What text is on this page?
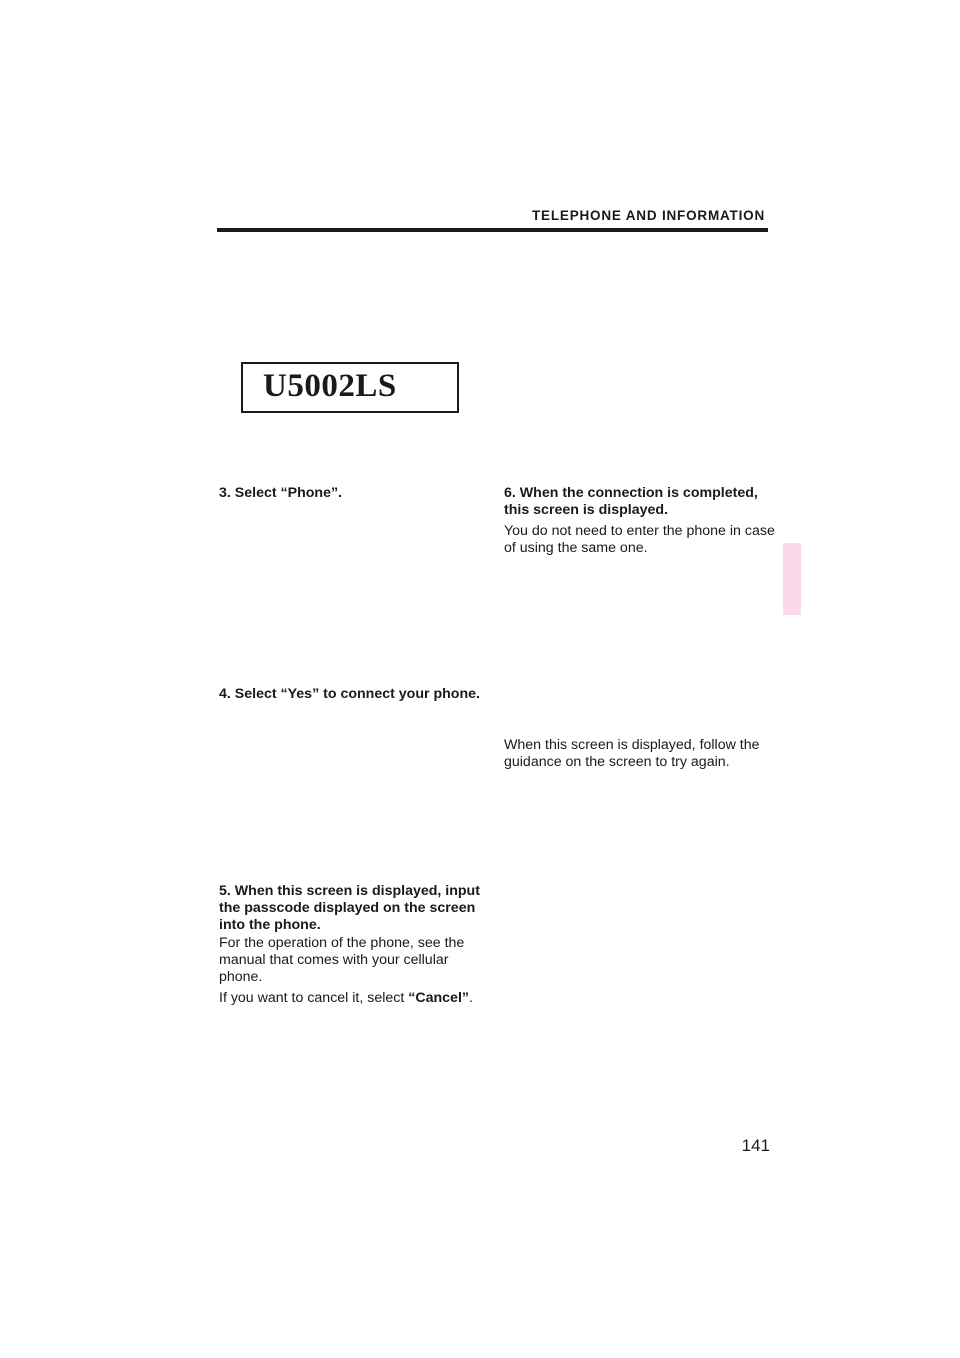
TELEPHONE AND INFORMATION
U5002LS
3. Select “Phone”.
4. Select “Yes” to connect your phone.
5. When this screen is displayed, input
the passcode displayed on the screen
into the phone.
For the operation of the phone, see the
manual that comes with your cellular
phone.
If you want to cancel it, select “Cancel”.
6. When the connection is completed,
this screen is displayed.
You do not need to enter the phone in case
of using the same one.
When this screen is displayed, follow the
guidance on the screen to try again.
141
